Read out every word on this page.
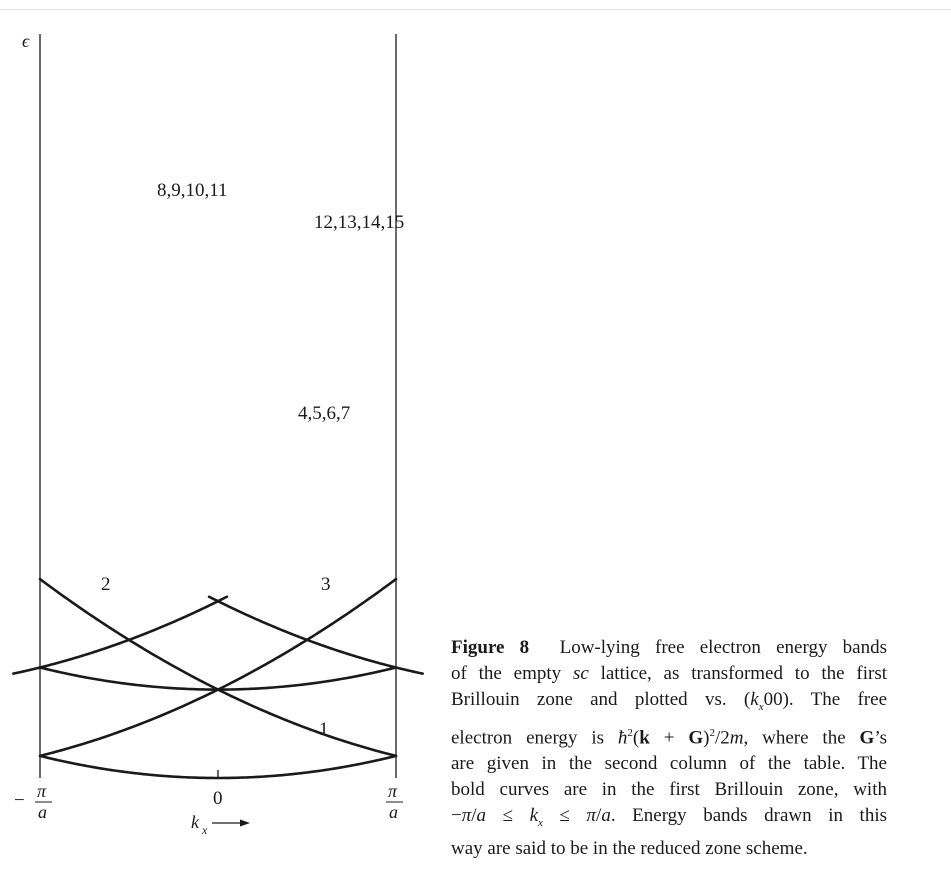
1
2	3
4,5,6,7
8,9,10,11
12,13,14,15
ϵ
− π
a
0	π
a
k x
Figure 8 Low-lying free electron energy bands
of the empty sc lattice, as transformed to the first
Brillouin zone and plotted vs. $(k_x00)$. The free
electron energy is $ħ^2(k + G)^2/2m$, where the G’s
are given in the second column of the table. The
bold curves are in the first Brillouin zone, with
$-\pi/a \le k_x \le \pi/a$. Energy bands drawn in this
way are said to be in the reduced zone scheme.
